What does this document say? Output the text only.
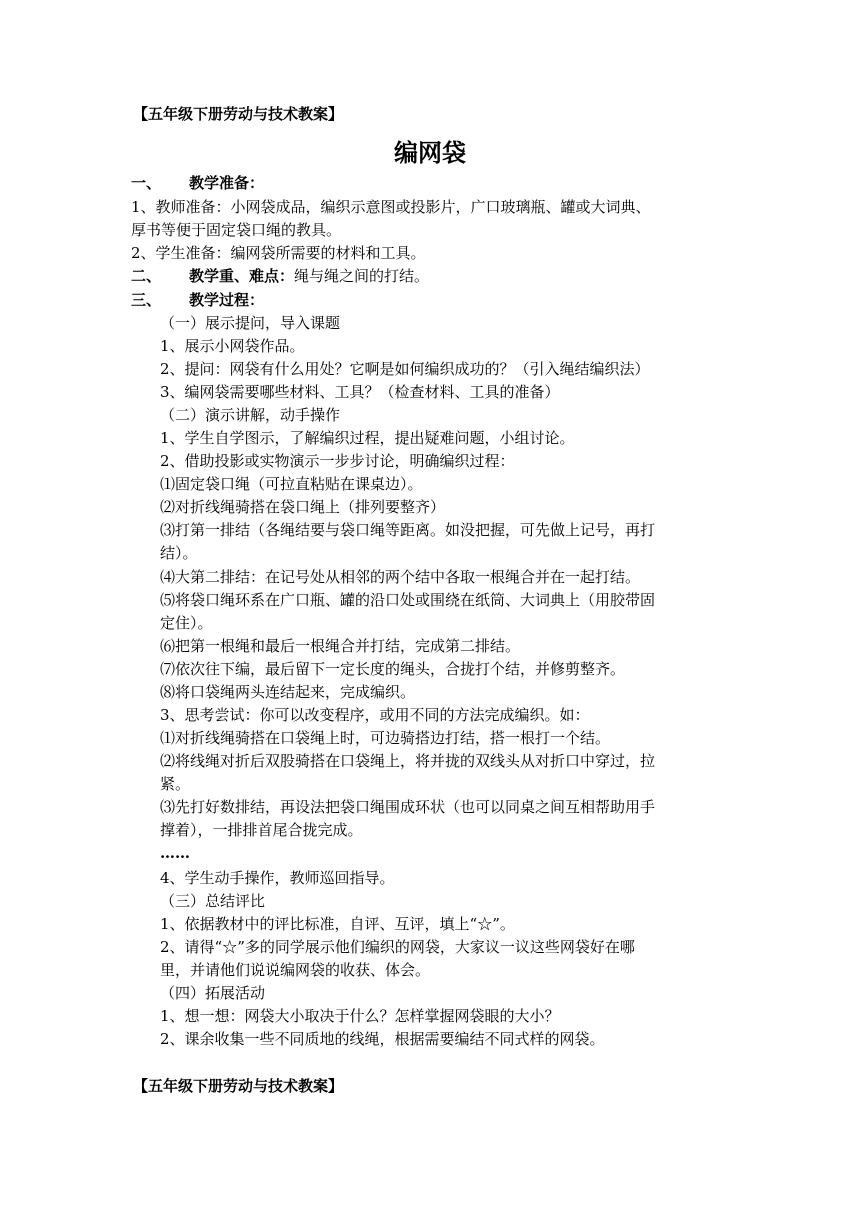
【五年级下册劳动与技术教案】
编网袋
一、 教学准备：
1、教师准备：小网袋成品，编织示意图或投影片，广口玻璃瓶、罐或大词典、
厚书等便于固定袋口绳的教具。
2、学生准备：编网袋所需要的材料和工具。
二、 教学重、难点：绳与绳之间的打结。
三、 教学过程：
（一）展示提问，导入课题
1、展示小网袋作品。
2、提问：网袋有什么用处？它啊是如何编织成功的？（引入绳结编织法）
3、编网袋需要哪些材料、工具？（检查材料、工具的准备）
（二）演示讲解，动手操作
1、学生自学图示，了解编织过程，提出疑难问题，小组讨论。
2、借助投影或实物演示一步步讨论，明确编织过程：
⑴固定袋口绳（可拉直粘贴在课桌边）。
⑵对折线绳骑搭在袋口绳上（排列要整齐）
⑶打第一排结（各绳结要与袋口绳等距离。如没把握，可先做上记号，再打
结）。
⑷大第二排结：在记号处从相邻的两个结中各取一根绳合并在一起打结。
⑸将袋口绳环系在广口瓶、罐的沿口处或围绕在纸筒、大词典上（用胶带固
定住）。
⑹把第一根绳和最后一根绳合并打结，完成第二排结。
⑺依次往下编，最后留下一定长度的绳头，合拢打个结，并修剪整齐。
⑻将口袋绳两头连结起来，完成编织。
3、思考尝试：你可以改变程序，或用不同的方法完成编织。如：
⑴对折线绳骑搭在口袋绳上时，可边骑搭边打结，搭一根打一个结。
⑵将线绳对折后双股骑搭在口袋绳上，将并拢的双线头从对折口中穿过，拉
紧。
⑶先打好数排结，再设法把袋口绳围成环状（也可以同桌之间互相帮助用手
撑着），一排排首尾合拢完成。
……
4、学生动手操作，教师巡回指导。
（三）总结评比
1、依据教材中的评比标准，自评、互评，填上“☆”。
2、请得“☆”多的同学展示他们编织的网袋，大家议一议这些网袋好在哪
里，并请他们说说编网袋的收获、体会。
（四）拓展活动
1、想一想：网袋大小取决于什么？怎样掌握网袋眼的大小？
2、课余收集一些不同质地的线绳，根据需要编结不同式样的网袋。
【五年级下册劳动与技术教案】
